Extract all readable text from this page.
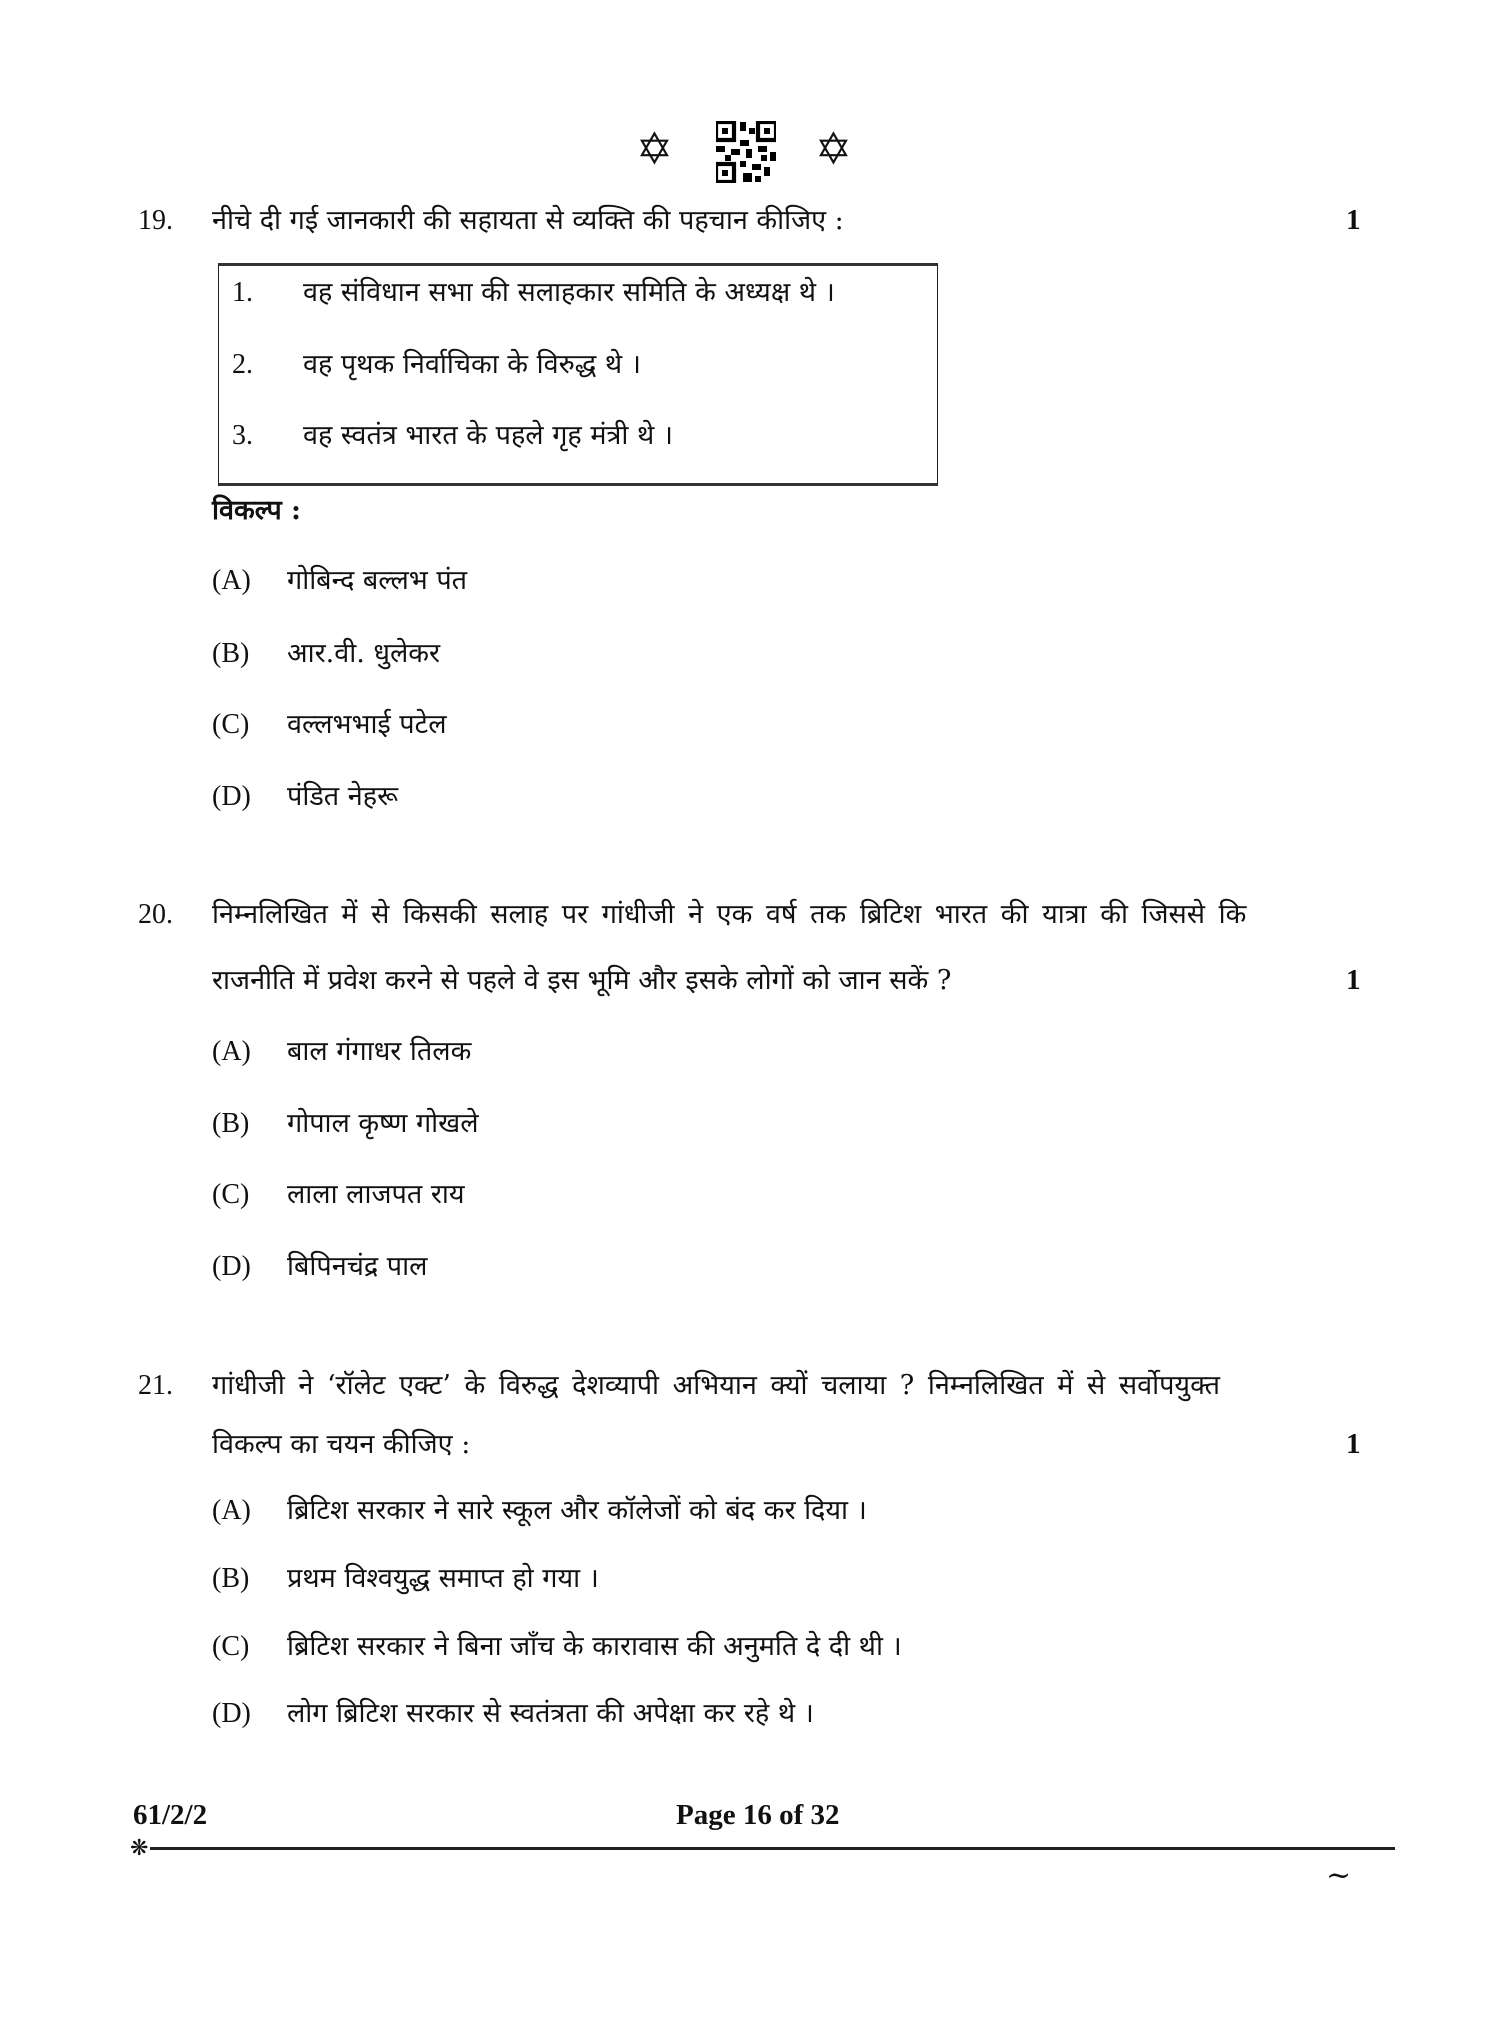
✡	✡
19. नीचे दी गई जानकारी की सहायता से व्यक्ति की पहचान कीजिए :	1
1. वह संविधान सभा की सलाहकार समिति के अध्यक्ष थे ।
2. वह पृथक निर्वाचिका के विरुद्ध थे ।
3. वह स्वतंत्र भारत के पहले गृह मंत्री थे ।
विकल्प :
(A) गोबिन्द बल्लभ पंत
(B) आर.वी. धुलेकर
(C) वल्लभभाई पटेल
(D) पंडित नेहरू
20. निम्नलिखित में से किसकी सलाह पर गांधीजी ने एक वर्ष तक ब्रिटिश भारत की यात्रा की जिससे कि
राजनीति में प्रवेश करने से पहले वे इस भूमि और इसके लोगों को जान सकें ?	1
(A) बाल गंगाधर तिलक
(B) गोपाल कृष्ण गोखले
(C) लाला लाजपत राय
(D) बिपिनचंद्र पाल
21. गांधीजी ने ‘रॉलेट एक्ट’ के विरुद्ध देशव्यापी अभियान क्यों चलाया ? निम्नलिखित में से सर्वोपयुक्त
विकल्प का चयन कीजिए :	1
(A) ब्रिटिश सरकार ने सारे स्कूल और कॉलेजों को बंद कर दिया ।
(B) प्रथम विश्वयुद्ध समाप्त हो गया ।
(C) ब्रिटिश सरकार ने बिना जाँच के कारावास की अनुमति दे दी थी ।
(D) लोग ब्रिटिश सरकार से स्वतंत्रता की अपेक्षा कर रहे थे ।
61/2/2	Page 16 of 32
❋
~
